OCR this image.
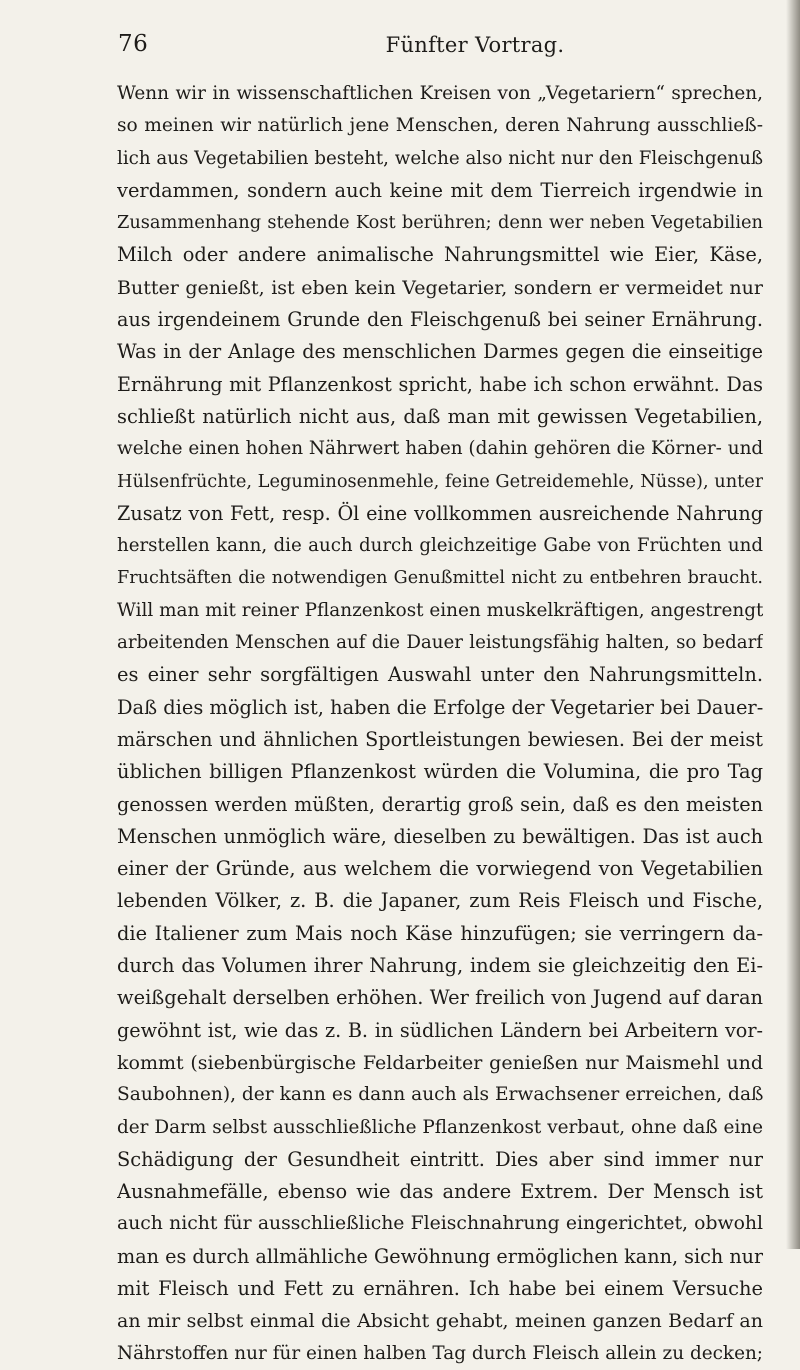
76	Fünfter Vortrag.
Wenn wir in wissenschaftlichen Kreisen von „Vegetariern“ sprechen,
so meinen wir natürlich jene Menschen, deren Nahrung ausschließ-
lich aus Vegetabilien besteht, welche also nicht nur den Fleischgenuß
verdammen, sondern auch keine mit dem Tierreich irgendwie in
Zusammenhang stehende Kost berühren; denn wer neben Vegetabilien
Milch oder andere animalische Nahrungsmittel wie Eier, Käse,
Butter genießt, ist eben kein Vegetarier, sondern er vermeidet nur
aus irgendeinem Grunde den Fleischgenuß bei seiner Ernährung.
Was in der Anlage des menschlichen Darmes gegen die einseitige
Ernährung mit Pflanzenkost spricht, habe ich schon erwähnt. Das
schließt natürlich nicht aus, daß man mit gewissen Vegetabilien,
welche einen hohen Nährwert haben (dahin gehören die Körner- und
Hülsenfrüchte, Leguminosenmehle, feine Getreidemehle, Nüsse), unter
Zusatz von Fett, resp. Öl eine vollkommen ausreichende Nahrung
herstellen kann, die auch durch gleichzeitige Gabe von Früchten und
Fruchtsäften die notwendigen Genußmittel nicht zu entbehren braucht.
Will man mit reiner Pflanzenkost einen muskelkräftigen, angestrengt
arbeitenden Menschen auf die Dauer leistungsfähig halten, so bedarf
es einer sehr sorgfältigen Auswahl unter den Nahrungsmitteln.
Daß dies möglich ist, haben die Erfolge der Vegetarier bei Dauer-
märschen und ähnlichen Sportleistungen bewiesen. Bei der meist
üblichen billigen Pflanzenkost würden die Volumina, die pro Tag
genossen werden müßten, derartig groß sein, daß es den meisten
Menschen unmöglich wäre, dieselben zu bewältigen. Das ist auch
einer der Gründe, aus welchem die vorwiegend von Vegetabilien
lebenden Völker, z. B. die Japaner, zum Reis Fleisch und Fische,
die Italiener zum Mais noch Käse hinzufügen; sie verringern da-
durch das Volumen ihrer Nahrung, indem sie gleichzeitig den Ei-
weißgehalt derselben erhöhen. Wer freilich von Jugend auf daran
gewöhnt ist, wie das z. B. in südlichen Ländern bei Arbeitern vor-
kommt (siebenbürgische Feldarbeiter genießen nur Maismehl und
Saubohnen), der kann es dann auch als Erwachsener erreichen, daß
der Darm selbst ausschließliche Pflanzenkost verbaut, ohne daß eine
Schädigung der Gesundheit eintritt. Dies aber sind immer nur
Ausnahmefälle, ebenso wie das andere Extrem. Der Mensch ist
auch nicht für ausschließliche Fleischnahrung eingerichtet, obwohl
man es durch allmähliche Gewöhnung ermöglichen kann, sich nur
mit Fleisch und Fett zu ernähren. Ich habe bei einem Versuche
an mir selbst einmal die Absicht gehabt, meinen ganzen Bedarf an
Nährstoffen nur für einen halben Tag durch Fleisch allein zu decken;
